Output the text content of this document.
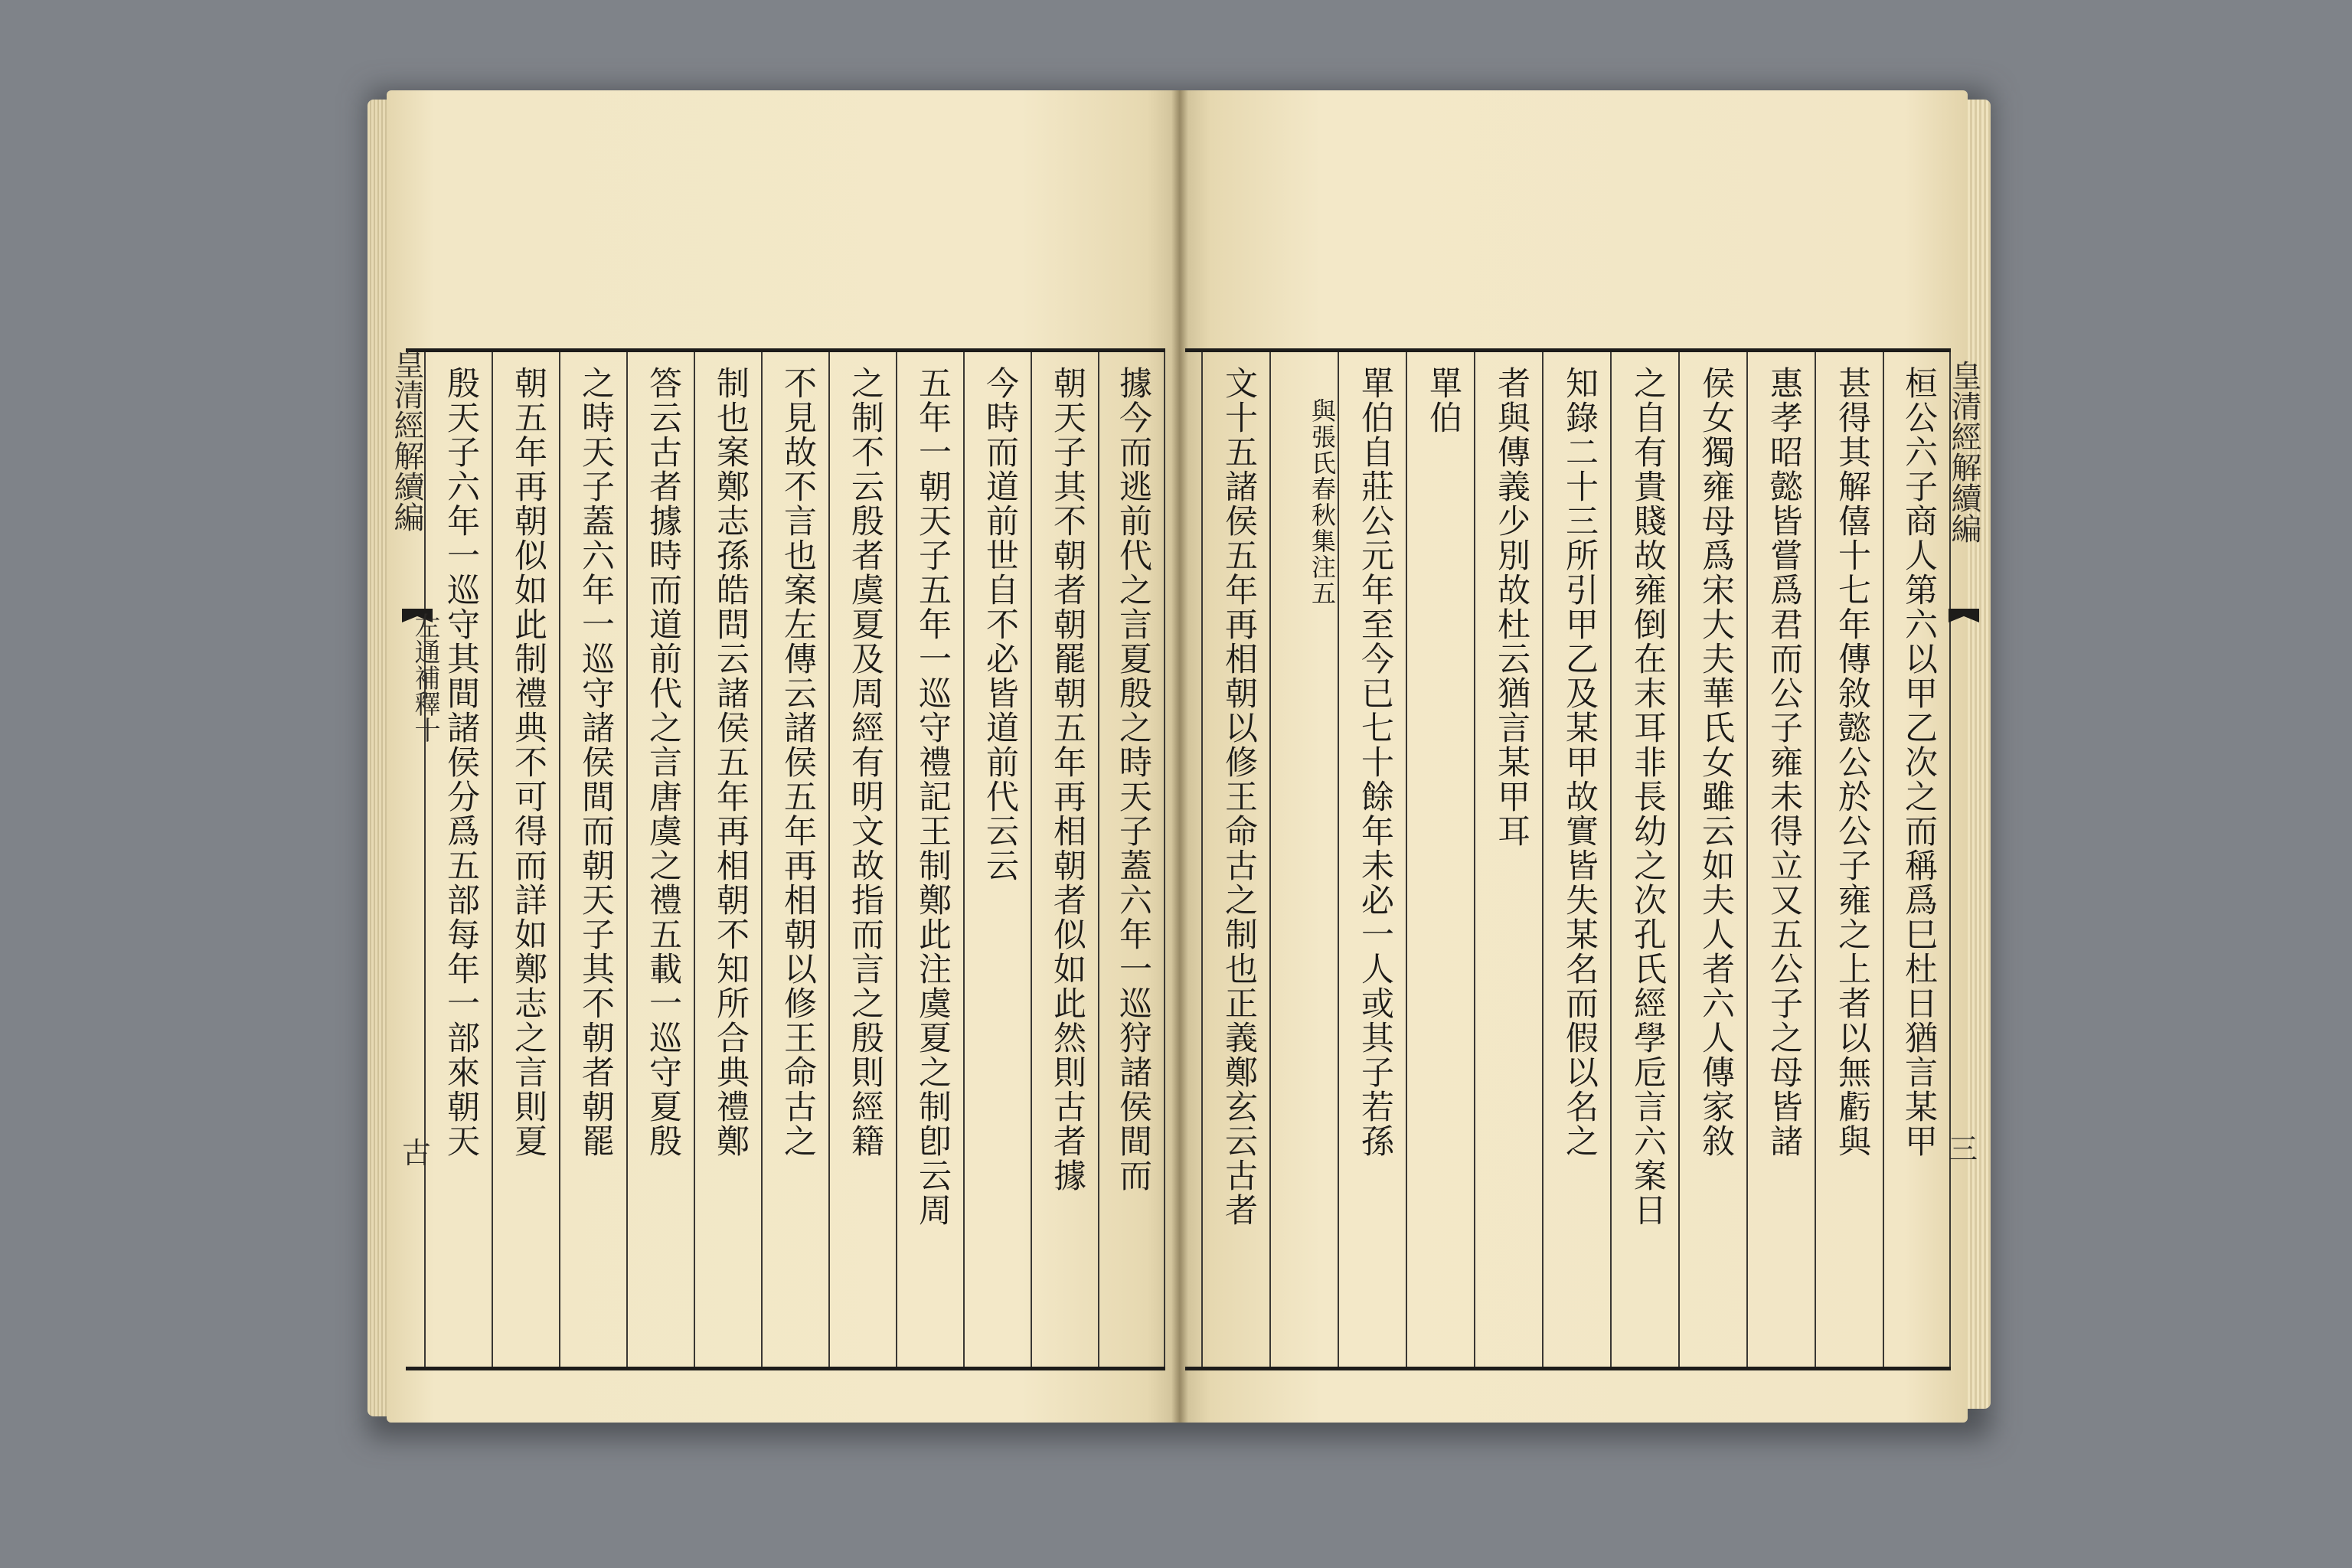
據今而逃前代之言夏殷之時天子蓋六年一巡狩諸侯間而
朝天子其不朝者朝罷朝五年再相朝者似如此然則古者據
今時而道前世自不必皆道前代云云
五年一朝天子五年一巡守禮記王制鄭此注虞夏之制卽云周
之制不云殷者虞夏及周經有明文故指而言之殷則經籍
不見故不言也案左傳云諸侯五年再相朝以修王命古之
制也案鄭志孫皓問云諸侯五年再相朝不知所合典禮鄭
答云古者據時而道前代之言唐虞之禮五載一巡守夏殷
之時天子蓋六年一巡守諸侯間而朝天子其不朝者朝罷
朝五年再朝似如此制禮典不可得而詳如鄭志之言則夏
殷天子六年一巡守其間諸侯分爲五部每年一部來朝天
皇清經解續編
左通補釋十
古	桓公六子商人第六以甲乙次之而稱爲巳杜日猶言某甲
甚得其解僖十七年傳敘懿公於公子雍之上者以無虧與
惠孝昭懿皆嘗爲君而公子雍未得立又五公子之母皆諸
侯女獨雍母爲宋大夫華氏女雖云如夫人者六人傳家敘
之自有貴賤故雍倒在末耳非長幼之次孔氏經學卮言六案日
知錄二十三所引甲乙及某甲故實皆失某名而假以名之
者與傳義少別故杜云猶言某甲耳
單伯
單伯自莊公元年至今已七十餘年未必一人或其子若孫
與張氏春秋集注五
文十五諸侯五年再相朝以修王命古之制也正義鄭玄云古者	皇清經解續編
三
